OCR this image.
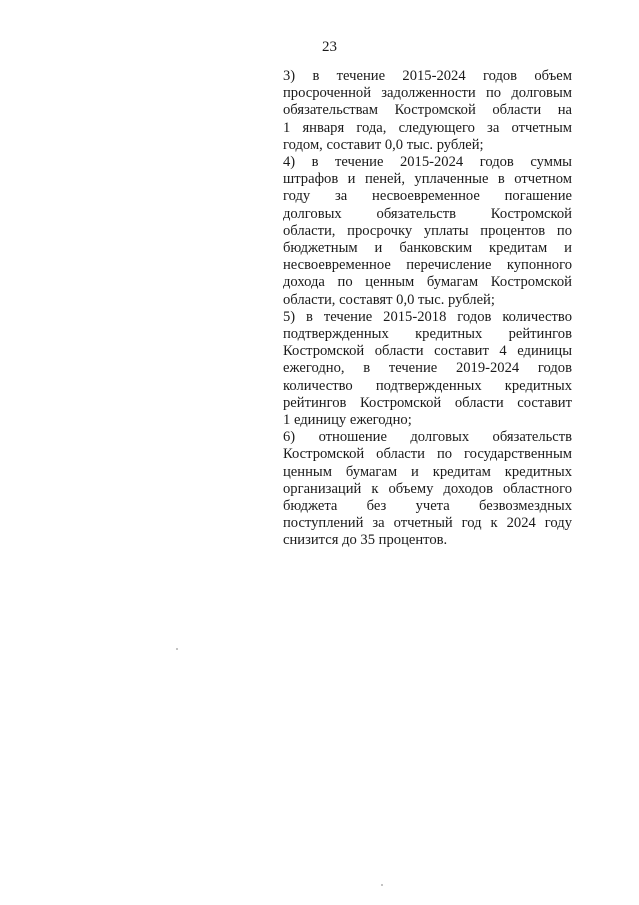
23
3) в течение 2015-2024 годов объем
просроченной задолженности по долговым
обязательствам Костромской области на
1 января года, следующего за отчетным
годом, составит 0,0 тыс. рублей;
4) в течение 2015-2024 годов суммы
штрафов и пеней, уплаченные в отчетном
году за несвоевременное погашение
долговых обязательств Костромской
области, просрочку уплаты процентов по
бюджетным и банковским кредитам и
несвоевременное перечисление купонного
дохода по ценным бумагам Костромской
области, составят 0,0 тыс. рублей;
5) в течение 2015-2018 годов количество
подтвержденных кредитных рейтингов
Костромской области составит 4 единицы
ежегодно, в течение 2019-2024 годов
количество подтвержденных кредитных
рейтингов Костромской области составит
1 единицу ежегодно;
6) отношение долговых обязательств
Костромской области по государственным
ценным бумагам и кредитам кредитных
организаций к объему доходов областного
бюджета без учета безвозмездных
поступлений за отчетный год к 2024 году
снизится до 35 процентов.
